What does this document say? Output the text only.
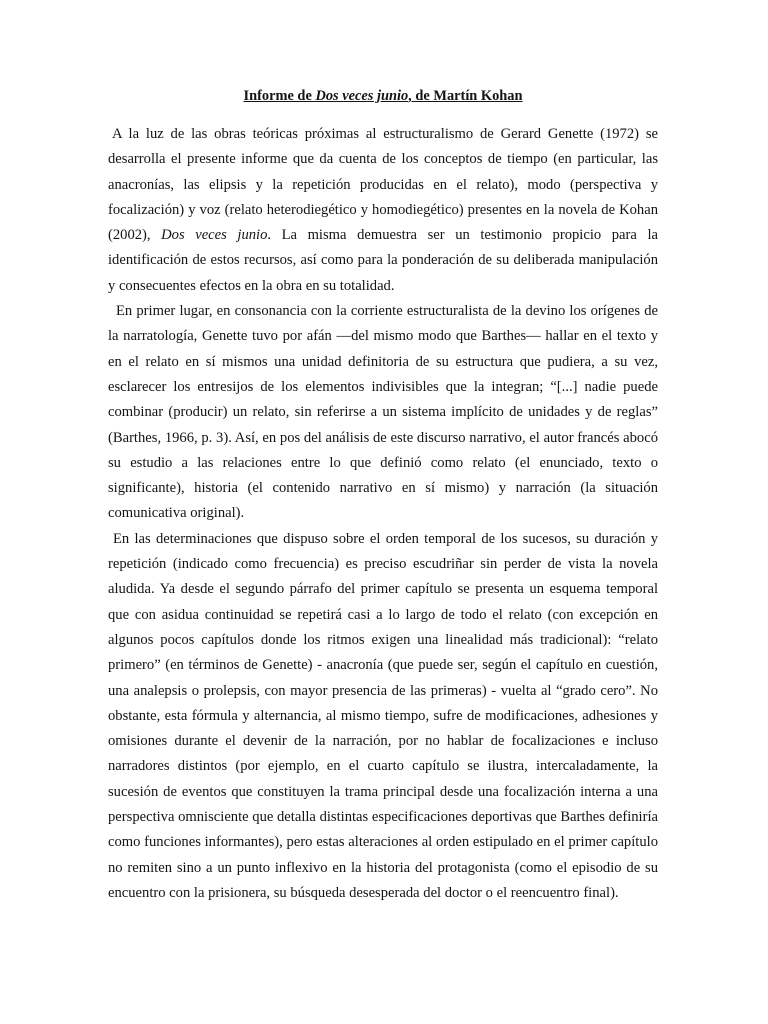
Informe de Dos veces junio, de Martín Kohan

A la luz de las obras teóricas próximas al estructuralismo de Gerard Genette (1972) se desarrolla el presente informe que da cuenta de los conceptos de tiempo (en particular, las anacronías, las elipsis y la repetición producidas en el relato), modo (perspectiva y focalización) y voz (relato heterodiegético y homodiegético) presentes en la novela de Kohan (2002), Dos veces junio. La misma demuestra ser un testimonio propicio para la identificación de estos recursos, así como para la ponderación de su deliberada manipulación y consecuentes efectos en la obra en su totalidad.

En primer lugar, en consonancia con la corriente estructuralista de la devino los orígenes de la narratología, Genette tuvo por afán —del mismo modo que Barthes— hallar en el texto y en el relato en sí mismos una unidad definitoria de su estructura que pudiera, a su vez, esclarecer los entresijos de los elementos indivisibles que la integran; “[...] nadie puede combinar (producir) un relato, sin referirse a un sistema implícito de unidades y de reglas” (Barthes, 1966, p. 3). Así, en pos del análisis de este discurso narrativo, el autor francés abocó su estudio a las relaciones entre lo que definió como relato (el enunciado, texto o significante), historia (el contenido narrativo en sí mismo) y narración (la situación comunicativa original).

En las determinaciones que dispuso sobre el orden temporal de los sucesos, su duración y repetición (indicado como frecuencia) es preciso escudriñar sin perder de vista la novela aludida. Ya desde el segundo párrafo del primer capítulo se presenta un esquema temporal que con asidua continuidad se repetirá casi a lo largo de todo el relato (con excepción en algunos pocos capítulos donde los ritmos exigen una linealidad más tradicional): “relato primero” (en términos de Genette) - anacronía (que puede ser, según el capítulo en cuestión, una analepsis o prolepsis, con mayor presencia de las primeras) - vuelta al “grado cero”. No obstante, esta fórmula y alternancia, al mismo tiempo, sufre de modificaciones, adhesiones y omisiones durante el devenir de la narración, por no hablar de focalizaciones e incluso narradores distintos (por ejemplo, en el cuarto capítulo se ilustra, intercaladamente, la sucesión de eventos que constituyen la trama principal desde una focalización interna a una perspectiva omnisciente que detalla distintas especificaciones deportivas que Barthes definiría como funciones informantes), pero estas alteraciones al orden estipulado en el primer capítulo no remiten sino a un punto inflexivo en la historia del protagonista (como el episodio de su encuentro con la prisionera, su búsqueda desesperada del doctor o el reencuentro final).
